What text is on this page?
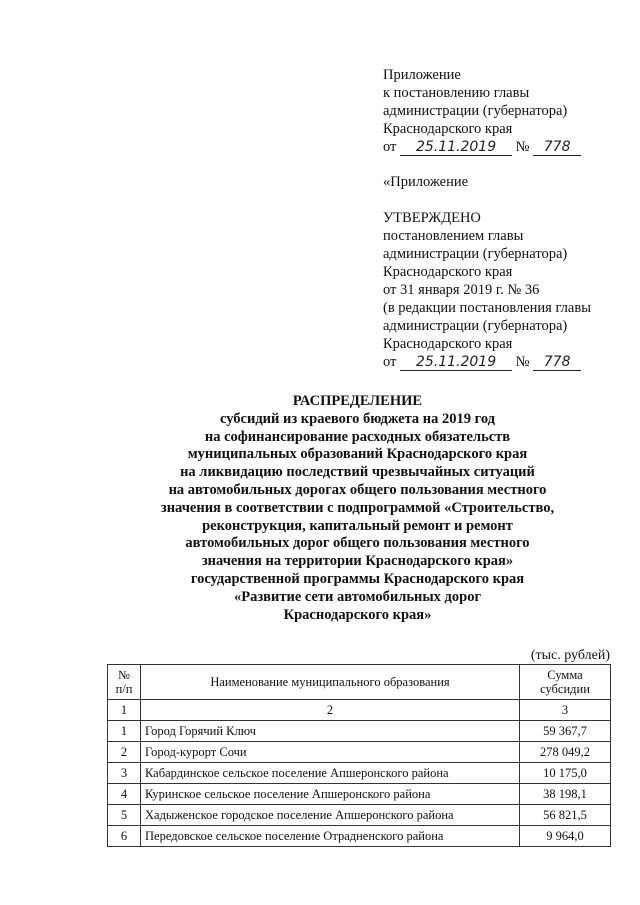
Приложение
к постановлению главы
администрации (губернатора)
Краснодарского края
от 25.11.2019 № 778
«Приложение
УТВЕРЖДЕНО
постановлением главы
администрации (губернатора)
Краснодарского края
от 31 января 2019 г. № 36
(в редакции постановления главы
администрации (губернатора)
Краснодарского края
от 25.11.2019 № 778
РАСПРЕДЕЛЕНИЕ
субсидий из краевого бюджета на 2019 год
на софинансирование расходных обязательств
муниципальных образований Краснодарского края
на ликвидацию последствий чрезвычайных ситуаций
на автомобильных дорогах общего пользования местного
значения в соответствии с подпрограммой «Строительство,
реконструкция, капитальный ремонт и ремонт
автомобильных дорог общего пользования местного
значения на территории Краснодарского края»
государственной программы Краснодарского края
«Развитие сети автомобильных дорог
Краснодарского края»
(тыс. рублей)
№ п/п	Наименование муниципального образования	Сумма субсидии
1	2	3
1	Город Горячий Ключ	59 367,7
2	Город-курорт Сочи	278 049,2
3	Кабардинское сельское поселение Апшеронского района	10 175,0
4	Куринское сельское поселение Апшеронского района	38 198,1
5	Хадыженское городское поселение Апшеронского района	56 821,5
6	Передовское сельское поселение Отрадненского района	9 964,0
